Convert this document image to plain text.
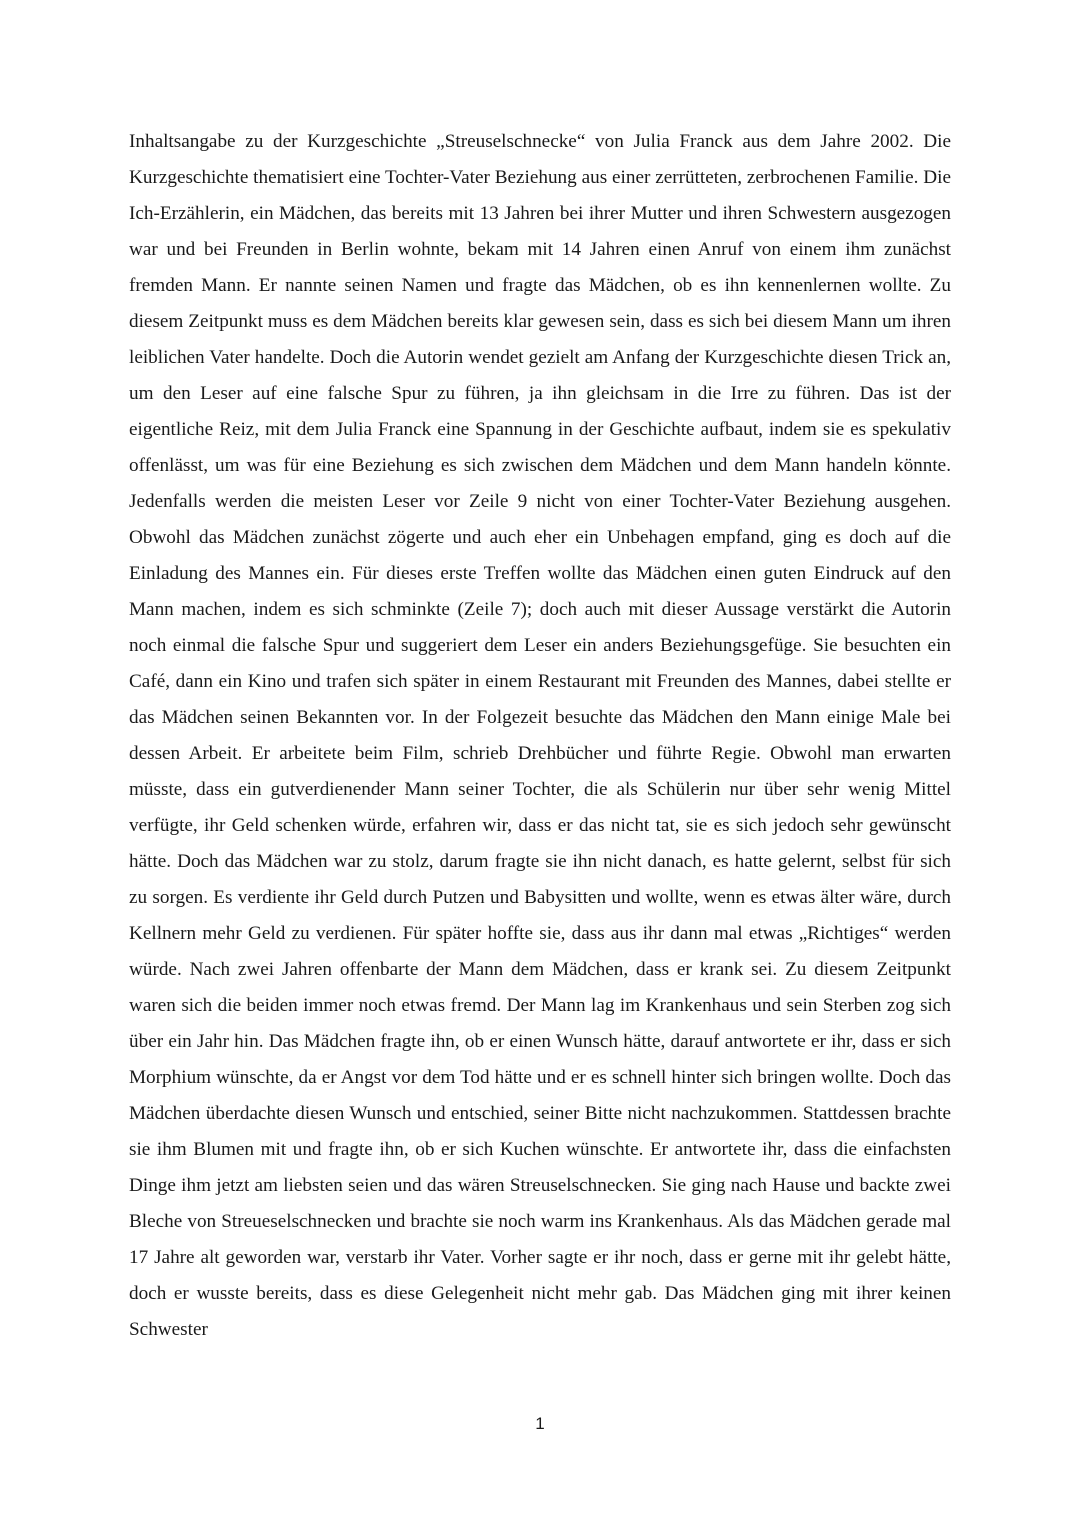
Inhaltsangabe zu der Kurzgeschichte „Streuselschnecke“ von Julia Franck aus dem Jahre 2002. Die Kurzgeschichte thematisiert eine Tochter-Vater Beziehung aus einer zerrütteten, zerbrochenen Familie. Die Ich-Erzählerin, ein Mädchen, das bereits mit 13 Jahren bei ihrer Mutter und ihren Schwestern ausgezogen war und bei Freunden in Berlin wohnte, bekam mit 14 Jahren einen Anruf von einem ihm zunächst fremden Mann. Er nannte seinen Namen und fragte das Mädchen, ob es ihn kennenlernen wollte. Zu diesem Zeitpunkt muss es dem Mädchen bereits klar gewesen sein, dass es sich bei diesem Mann um ihren leiblichen Vater handelte. Doch die Autorin wendet gezielt am Anfang der Kurzgeschichte diesen Trick an, um den Leser auf eine falsche Spur zu führen, ja ihn gleichsam in die Irre zu führen. Das ist der eigentliche Reiz, mit dem Julia Franck eine Spannung in der Geschichte aufbaut, indem sie es spekulativ offenlässt, um was für eine Beziehung es sich zwischen dem Mädchen und dem Mann handeln könnte. Jedenfalls werden die meisten Leser vor Zeile 9 nicht von einer Tochter-Vater Beziehung ausgehen. Obwohl das Mädchen zunächst zögerte und auch eher ein Unbehagen empfand, ging es doch auf die Einladung des Mannes ein. Für dieses erste Treffen wollte das Mädchen einen guten Eindruck auf den Mann machen, indem es sich schminkte (Zeile 7); doch auch mit dieser Aussage verstärkt die Autorin noch einmal die falsche Spur und suggeriert dem Leser ein anders Beziehungsgefüge. Sie besuchten ein Café, dann ein Kino und trafen sich später in einem Restaurant mit Freunden des Mannes, dabei stellte er das Mädchen seinen Bekannten vor. In der Folgezeit besuchte das Mädchen den Mann einige Male bei dessen Arbeit. Er arbeitete beim Film, schrieb Drehbücher und führte Regie. Obwohl man erwarten müsste, dass ein gutverdienender Mann seiner Tochter, die als Schülerin nur über sehr wenig Mittel verfügte, ihr Geld schenken würde, erfahren wir, dass er das nicht tat, sie es sich jedoch sehr gewünscht hätte. Doch das Mädchen war zu stolz, darum fragte sie ihn nicht danach, es hatte gelernt, selbst für sich zu sorgen. Es verdiente ihr Geld durch Putzen und Babysitten und wollte, wenn es etwas älter wäre, durch Kellnern mehr Geld zu verdienen. Für später hoffte sie, dass aus ihr dann mal etwas „Richtiges“ werden würde. Nach zwei Jahren offenbarte der Mann dem Mädchen, dass er krank sei. Zu diesem Zeitpunkt waren sich die beiden immer noch etwas fremd. Der Mann lag im Krankenhaus und sein Sterben zog sich über ein Jahr hin. Das Mädchen fragte ihn, ob er einen Wunsch hätte, darauf antwortete er ihr, dass er sich Morphium wünschte, da er Angst vor dem Tod hätte und er es schnell hinter sich bringen wollte. Doch das Mädchen überdachte diesen Wunsch und entschied, seiner Bitte nicht nachzukommen. Stattdessen brachte sie ihm Blumen mit und fragte ihn, ob er sich Kuchen wünschte. Er antwortete ihr, dass die einfachsten Dinge ihm jetzt am liebsten seien und das wären Streuselschnecken. Sie ging nach Hause und backte zwei Bleche von Streueselschnecken und brachte sie noch warm ins Krankenhaus. Als das Mädchen gerade mal 17 Jahre alt geworden war, verstarb ihr Vater. Vorher sagte er ihr noch, dass er gerne mit ihr gelebt hätte, doch er wusste bereits, dass es diese Gelegenheit nicht mehr gab. Das Mädchen ging mit ihrer keinen Schwester

1
